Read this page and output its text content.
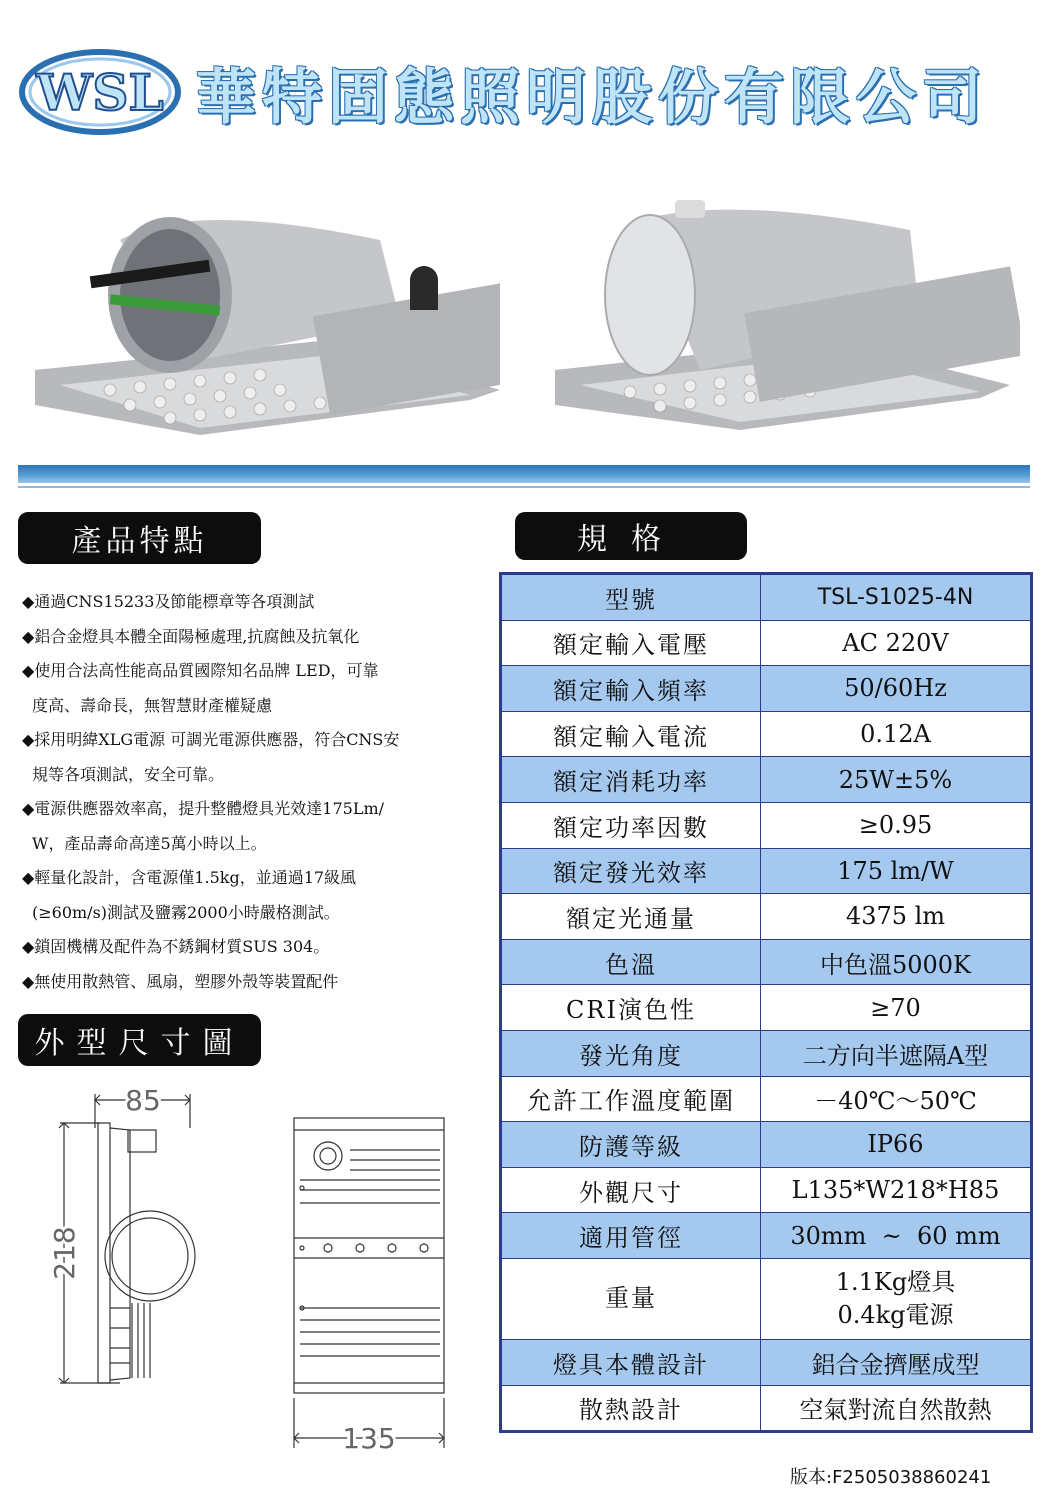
WSL 華特固態照明股份有限公司
產品特點	規格
外型尺寸圖
◆通過CNS15233及節能標章等各項測試
◆鋁合金燈具本體全面陽極處理,抗腐蝕及抗氧化
◆使用合法高性能高品質國際知名品牌 LED，可靠
度高、壽命長，無智慧財產權疑慮
◆採用明緯XLG電源 可調光電源供應器，符合CNS安
規等各項測試，安全可靠。
◆電源供應器效率高，提升整體燈具光效達175Lm/
W，產品壽命高達5萬小時以上。
◆輕量化設計，含電源僅1.5kg，並通過17級風
(≥60m/s)測試及鹽霧2000小時嚴格測試。
◆鎖固機構及配件為不銹鋼材質SUS 304。
◆無使用散熱管、風扇，塑膠外殼等裝置配件
型號	TSL-S1025-4N
額定輸入電壓	AC 220V
額定輸入頻率	50/60Hz
額定輸入電流	0.12A
額定消耗功率	25W±5%
額定功率因數	≥0.95
額定發光效率	175 lm/W
額定光通量	4375 lm
色溫	中色溫5000K
CRI演色性	≥70
發光角度	二方向半遮隔A型
允許工作溫度範圍	－40℃～50℃
防護等級	IP66
外觀尺寸	L135*W218*H85
適用管徑	30mm  ~  60 mm
重量	1.1Kg燈具
0.4kg電源

燈具本體設計	鋁合金擠壓成型
散熱設計	空氣對流自然散熱
85
218
135
版本:F2505038860241
